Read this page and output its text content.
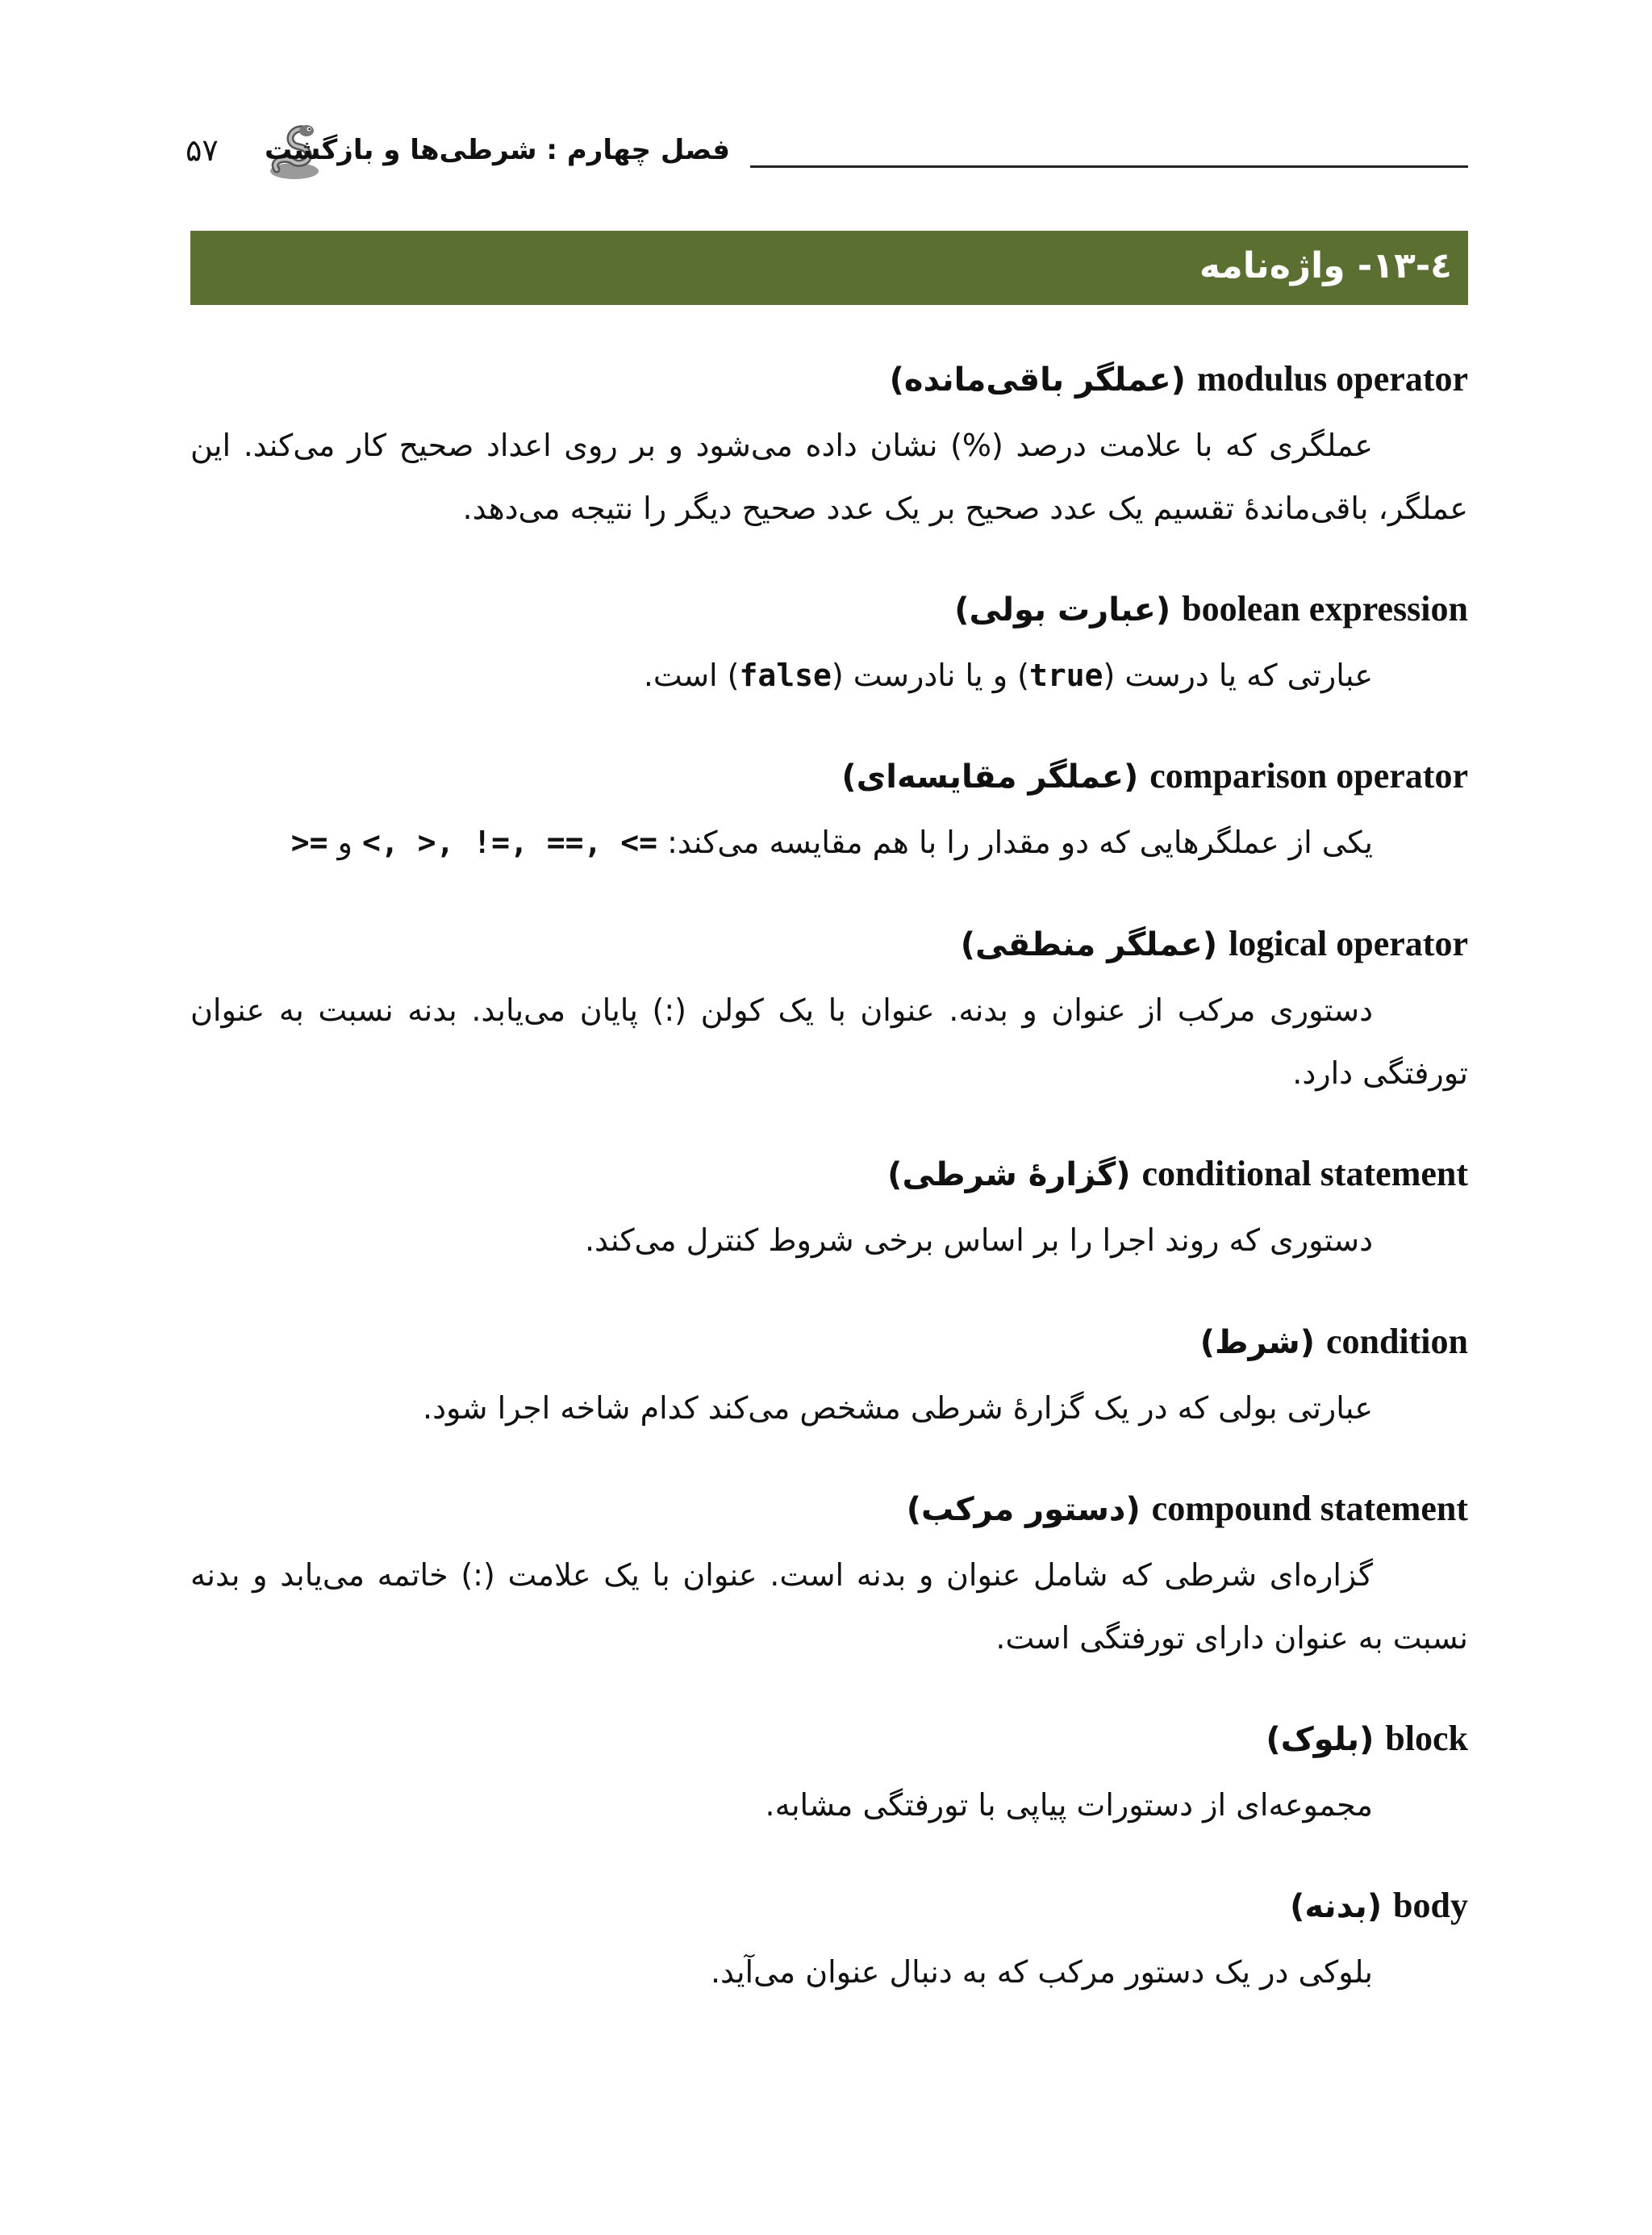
۵۷ فصل چهارم : شرطی‌ها و بازگشت
٤-١٣- واژه‌نامه
modulus operator (عملگر باقی‌مانده)
عملگری که با علامت درصد (%) نشان داده می‌شود و بر روی اعداد صحیح کار می‌کند. این عملگر، باقی‌ماندهٔ تقسیم یک عدد صحیح بر یک عدد صحیح دیگر را نتیجه می‌دهد.
boolean expression (عبارت بولی)
عبارتی که یا درست (true) و یا نادرست (false) است.
comparison operator (عملگر مقایسه‌ای)
یکی از عملگرهایی که دو مقدار را با هم مقایسه می‌کند: <, >, !=, ==, <= و >=
logical operator (عملگر منطقی)
دستوری مرکب از عنوان و بدنه. عنوان با یک کولن (:) پایان می‌یابد. بدنه نسبت به عنوان تورفتگی دارد.
conditional statement (گزارهٔ شرطی)
دستوری که روند اجرا را بر اساس برخی شروط کنترل می‌کند.
condition (شرط)
عبارتی بولی که در یک گزارهٔ شرطی مشخص می‌کند کدام شاخه اجرا شود.
compound statement (دستور مرکب)
گزاره‌ای شرطی که شامل عنوان و بدنه است. عنوان با یک علامت (:) خاتمه می‌یابد و بدنه نسبت به عنوان دارای تورفتگی است.
block (بلوک)
مجموعه‌ای از دستورات پیاپی با تورفتگی مشابه.
body (بدنه)
بلوکی در یک دستور مرکب که به دنبال عنوان می‌آید.
